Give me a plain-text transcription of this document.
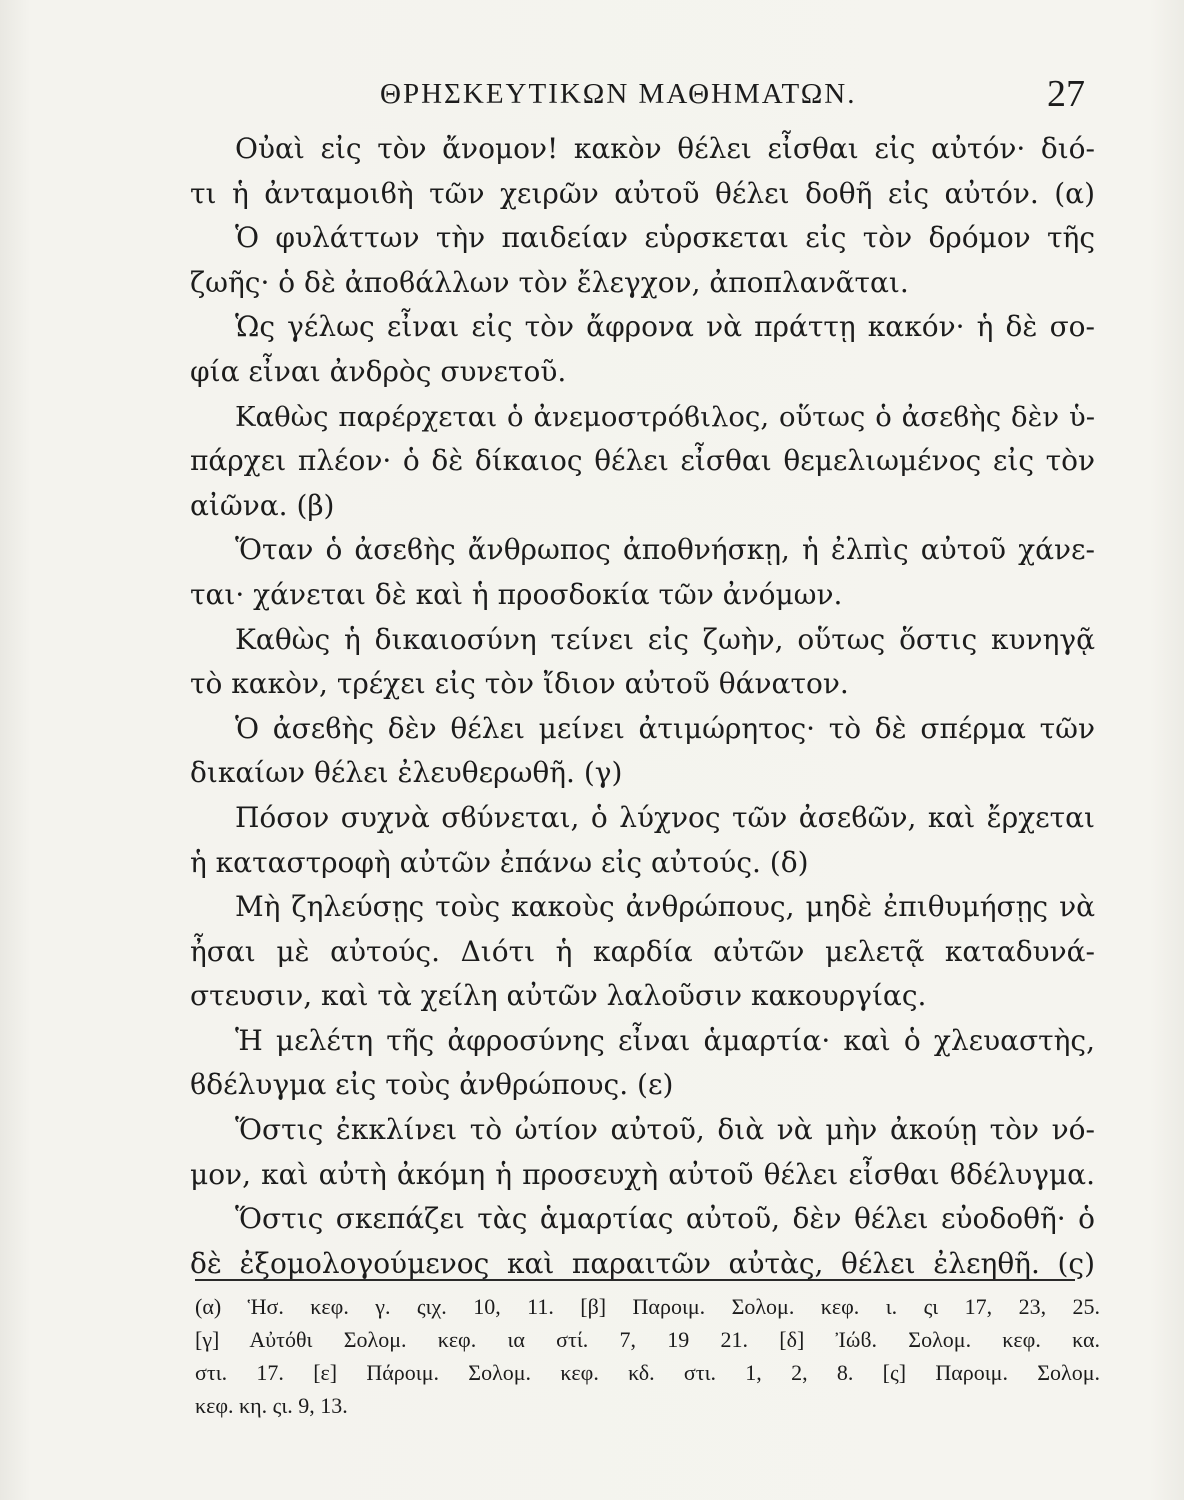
ΘΡΗΣΚΕΥΤΙΚΩΝ ΜΑΘΗΜΑΤΩΝ.	27
Οὐαὶ εἰς τὸν ἄνομον! κακὸν θέλει εἶσθαι εἰς αὐτόν· διό-
τι ἡ ἀνταμοιϐὴ τῶν χειρῶν αὐτοῦ θέλει δοθῆ εἰς αὐτόν. (α)
Ὁ φυλάττων τὴν παιδείαν εὑρσκεται εἰς τὸν δρόμον τῆς
ζωῆς· ὁ δὲ ἀποϐάλλων τὸν ἔλεγχον, ἀποπλανᾶται.
Ὡς γέλως εἶναι εἰς τὸν ἄφρονα νὰ πράττῃ κακόν· ἡ δὲ σο-
φία εἶναι ἀνδρὸς συνετοῦ.
Καθὼς παρέρχεται ὁ ἀνεμοστρόϐιλος, οὕτως ὁ ἀσεϐὴς δὲν ὑ-
πάρχει πλέον· ὁ δὲ δίκαιος θέλει εἶσθαι θεμελιωμένος εἰς τὸν
αἰῶνα. (β)
Ὅταν ὁ ἀσεϐὴς ἄνθρωπος ἀποθνήσκῃ, ἡ ἐλπὶς αὐτοῦ χάνε-
ται· χάνεται δὲ καὶ ἡ προσδοκία τῶν ἀνόμων.
Καθὼς ἡ δικαιοσύνη τείνει εἰς ζωὴν, οὕτως ὅστις κυνηγᾷ
τὸ κακὸν, τρέχει εἰς τὸν ἴδιον αὐτοῦ θάνατον.
Ὁ ἀσεϐὴς δὲν θέλει μείνει ἀτιμώρητος· τὸ δὲ σπέρμα τῶν
δικαίων θέλει ἐλευθερωθῆ. (γ)
Πόσον συχνὰ σϐύνεται, ὁ λύχνος τῶν ἀσεϐῶν, καὶ ἔρχεται
ἡ καταστροφὴ αὐτῶν ἐπάνω εἰς αὐτούς. (δ)
Μὴ ζηλεύσῃς τοὺς κακοὺς ἀνθρώπους, μηδὲ ἐπιθυμήσῃς νὰ
ἦσαι μὲ αὐτούς. Διότι ἡ καρδία αὐτῶν μελετᾷ καταδυνά-
στευσιν, καὶ τὰ χείλη αὐτῶν λαλοῦσιν κακουργίας.
Ἡ μελέτη τῆς ἀφροσύνης εἶναι ἁμαρτία· καὶ ὁ χλευαστὴς,
ϐδέλυγμα εἰς τοὺς ἀνθρώπους. (ε)
Ὅστις ἐκκλίνει τὸ ὠτίον αὐτοῦ, διὰ νὰ μὴν ἀκούῃ τὸν νό-
μον, καὶ αὐτὴ ἀκόμη ἡ προσευχὴ αὐτοῦ θέλει εἶσθαι ϐδέλυγμα.
Ὅστις σκεπάζει τὰς ἁμαρτίας αὐτοῦ, δὲν θέλει εὐοδοθῆ· ὁ
δὲ ἐξομολογούμενος καὶ παραιτῶν αὐτὰς, θέλει ἐλεηθῆ. (ς)
(α) Ἡσ. κεφ. γ. ςιχ. 10, 11. [β] Παροιμ. Σολομ. κεφ. ι. ςι 17, 23, 25.
[γ] Αὐτόθι Σολομ. κεφ. ια στί. 7, 19 21. [δ] Ἰώϐ. Σολομ. κεφ. κα.
στι. 17. [ε] Πάροιμ. Σολομ. κεφ. κδ. στι. 1, 2, 8. [ς] Παροιμ. Σολομ.
κεφ. κη. ςι. 9, 13.
